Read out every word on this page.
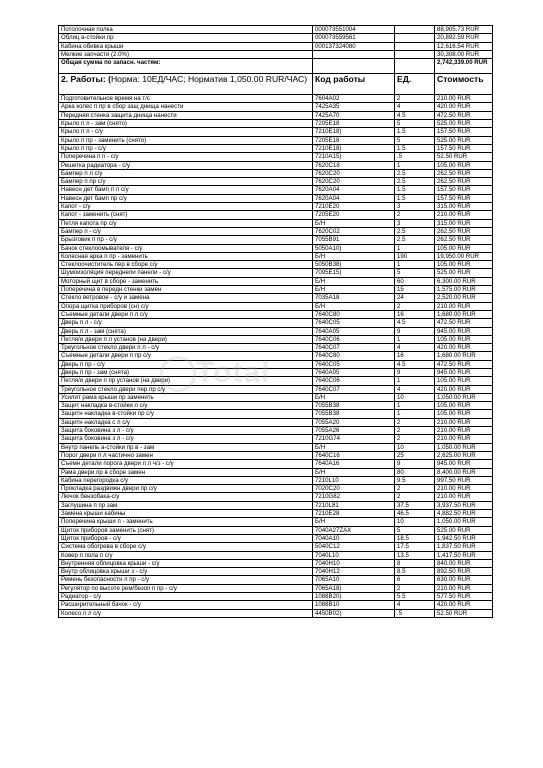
Потолочная полка	000073551004		88,905.73 RUR
Облиц а-стойки пр	000073559561		20,892.59 RUR
Кабина обивка крыши	000137324080		12,616.54 RUR
Мелкие запчасти (2.0%)			30,308.00 RUR
Общая сумма по запасн. частям:			2,742,339.00 RUR
2. Работы: (Норма: 10ЕД/ЧАС; Норматив 1,050.00 RUR/ЧАС)	Код работы	ЕД.	Стоимость
Подготовительное время на т/с	7604A02	2	210.00 RUR
Арка колес п пр в сбор защ днища нанести	7425A35	4	420.00 RUR
Передняя стенка защита днища нанести	7425A70	4.5	472.50 RUR
Крыло п л - зам (снято)	7205E18	5	525.00 RUR
Крыло п л - с/у	7210E18)	1.5	157.50 RUR
Крыло п пр - заменить (снято)	7205E18	5	525.00 RUR
Крыло п пр - с/у	7210E18)	1.5	157.50 RUR
Поперечина п п - с/у	7210A15)	.5	52.50 RUR
Решетка радиатора - с/у	7620C18	1	105.00 RUR
Бампер п л с/у	7620C20	2.5	262.50 RUR
Бампер п пр с/у	7620C20	2.5	262.50 RUR
Навесн дет бамп п л с/у	7620A04	1.5	157.50 RUR
Навесн дет бамп пр с/у	7620A04	1.5	157.50 RUR
Капот - с/у	7210E20	3	315.00 RUR
Капот - заменить (снят)	7205E20	2	210.00 RUR
Петля капота пр с/у	Б/Н	3	315.00 RUR
Бампер п - с/у	7620C02	2.5	262.50 RUR
Брызговик п пр - с/у	7055B91	2.5	262.50 RUR
Бачок стеклоомывателя - с/у	5050A10)	1	105.00 RUR
Колесная арка п пр - заменить	Б/Н	190	19,950.00 RUR
Стеклоочиститель пер в сборе с/у	5050B38)	1	105.00 RUR
Шумоизоляция переднели панели - с/у	7095E15)	5	525.00 RUR
Моторный щит в сборе - заменить	Б/Н	60	6,300.00 RUR
Поперечина в передн стенки замен	Б/Н	15	1,575.00 RUR
Стекло ветровое - с/у и замена	7035A18	24	2,520.00 RUR
Опора щитка приборов (сн) с/у	Б/Н	2	210.00 RUR
Съемные детали двери п л с/у	7640C80	16	1,680.00 RUR
Дверь п л - с/у	7640C05	4.5	472.50 RUR
Дверь п л - зам (снята)	7640A05	9	945.00 RUR
Петля/и двери п л установ (на двери)	7640C06	1	105.00 RUR
Треугольное стекло двери п л - с/у	7640C07	4	420.00 RUR
Съемные детали двери п пр с/у	7640C80	16	1,680.00 RUR
Дверь п пр - с/у	7640C05	4.5	472.50 RUR
Дверь п пр - зам (снята)	7640A05	9	945.00 RUR
Петля/и двери п пр установ (на двери)	7640C06	1	105.00 RUR
Треугольное стекло двери пер пр с/у	7640C07	4	420.00 RUR
Усилит рама крыши пр заменить	Б/Н	10	1,050.00 RUR
Защит накладка в-стойки л с/у	7055B38	1	105.00 RUR
Защитн накладка в-стойки пр с/у	7055B38	1	105.00 RUR
Защитн накладка с л с/у	7055A20	2	210.00 RUR
Защита боковина з л - с/у	7055A26	2	210.00 RUR
Защита боковина з л - с/у	7210G74	2	210.00 RUR
Внутр панель а-стойки пр в - зам	Б/Н	10	1,050.00 RUR
Порог двери п л частично замен	7640C16	25	2,625.00 RUR
Съемн детали порога двери п л ч/з - с/у	7640A16	9	945.00 RUR
Рама двери пр в сборе замен	Б/Н	80	8,400.00 RUR
Кабина перегородка с/у	7210L10	9.5	997.50 RUR
Прокладка раздвижн двери пр с/у	7020C20	2	210.00 RUR
Лючок бензобака-с/у	7210G82	2	210.00 RUR
Заглушина п пр зам	7210L81	37.5	3,937.50 RUR
Замена крыши кабины	7210E28	46.5	4,882.50 RUR
Поперечина крыши п - заменить	Б/Н	10	1,050.00 RUR
Щиток приборов заменить (снят)	7040A27ZAX	5	525.00 RUR
Щиток приборов - с/у	7040A10	18.5	1,942.50 RUR
Система обогрева в сборе с/у	5040C12	17.5	1,837.50 RUR
Ковер п пола п с/у	7040L10	13.5	1,417.50 RUR
Внутренняя облицовка крыши - с/у	7040H10	8	840.00 RUR
Внутр облицовка крыши з - с/у	7040H12	8.5	892.50 RUR
Ремень безопасности п пр - с/у	7065A10	6	630.00 RUR
Регулятор по высоте рем/безоп п пр - с/у	7065A18)	2	210.00 RUR
Радиатор - с/у	1088B20)	5.5	577.50 RUR
Расширительный бачок - с/у	1088B10	4	420.00 RUR
Колесо п л с/у	4450B02)	.5	52.50 RUR
Total
